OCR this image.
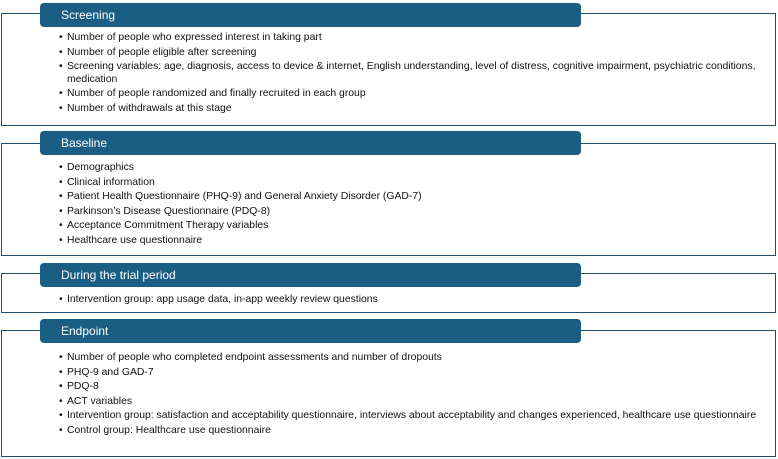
Screening
• Number of people who expressed interest in taking part
• Number of people eligible after screening
• Screening variables: age, diagnosis, access to device & internet, English understanding, level of distress, cognitive impairment, psychiatric conditions, medication
• Number of people randomized and finally recruited in each group
• Number of withdrawals at this stage
Baseline
• Demographics
• Clinical information
• Patient Health Questionnaire (PHQ-9) and General Anxiety Disorder (GAD-7)
• Parkinson’s Disease Questionnaire (PDQ-8)
• Acceptance Commitment Therapy variables
• Healthcare use questionnaire
During the trial period
• Intervention group: app usage data, in-app weekly review questions
Endpoint
• Number of people who completed endpoint assessments and number of dropouts
• PHQ-9 and GAD-7
• PDQ-8
• ACT variables
• Intervention group: satisfaction and acceptability questionnaire, interviews about acceptability and changes experienced, healthcare use questionnaire
• Control group: Healthcare use questionnaire
